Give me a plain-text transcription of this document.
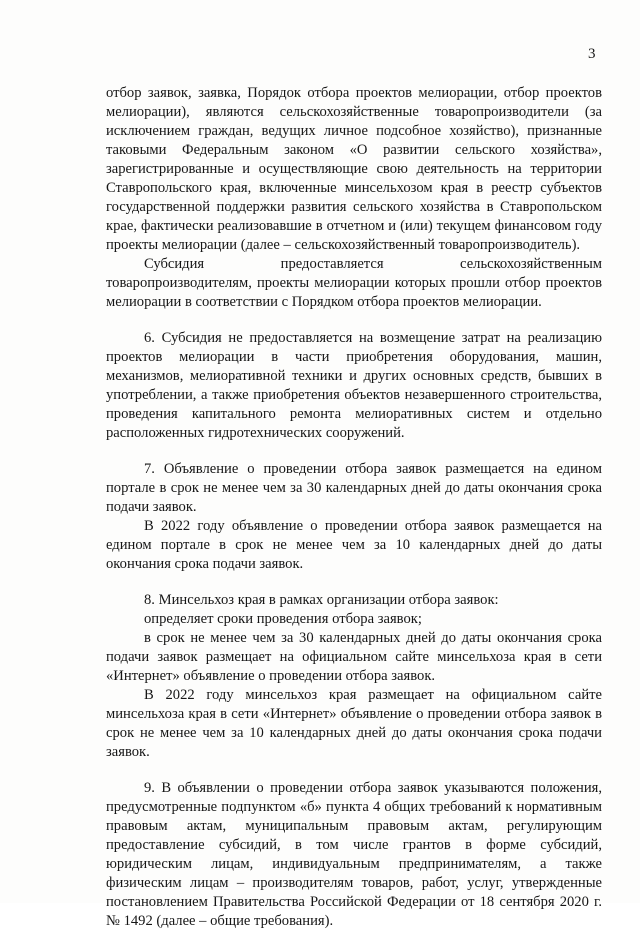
3

отбор заявок, заявка, Порядок отбора проектов мелиорации, отбор проектов мелиорации), являются сельскохозяйственные товаропроизводители (за исключением граждан, ведущих личное подсобное хозяйство), признанные таковыми Федеральным законом «О развитии сельского хозяйства», зарегистрированные и осуществляющие свою деятельность на территории Ставропольского края, включенные минсельхозом края в реестр субъектов государственной поддержки развития сельского хозяйства в Ставропольском крае, фактически реализовавшие в отчетном и (или) текущем финансовом году проекты мелиорации (далее – сельскохозяйственный товаропроизводитель).

Субсидия предоставляется сельскохозяйственным товаропроизводителям, проекты мелиорации которых прошли отбор проектов мелиорации в соответствии с Порядком отбора проектов мелиорации.

6. Субсидия не предоставляется на возмещение затрат на реализацию проектов мелиорации в части приобретения оборудования, машин, механизмов, мелиоративной техники и других основных средств, бывших в употреблении, а также приобретения объектов незавершенного строительства, проведения капитального ремонта мелиоративных систем и отдельно расположенных гидротехнических сооружений.

7. Объявление о проведении отбора заявок размещается на едином портале в срок не менее чем за 30 календарных дней до даты окончания срока подачи заявок.

В 2022 году объявление о проведении отбора заявок размещается на едином портале в срок не менее чем за 10 календарных дней до даты окончания срока подачи заявок.

8. Минсельхоз края в рамках организации отбора заявок:

определяет сроки проведения отбора заявок;

в срок не менее чем за 30 календарных дней до даты окончания срока подачи заявок размещает на официальном сайте минсельхоза края в сети «Интернет» объявление о проведении отбора заявок.

В 2022 году минсельхоз края размещает на официальном сайте минсельхоза края в сети «Интернет» объявление о проведении отбора заявок в срок не менее чем за 10 календарных дней до даты окончания срока подачи заявок.

9. В объявлении о проведении отбора заявок указываются положения, предусмотренные подпунктом «б» пункта 4 общих требований к нормативным правовым актам, муниципальным правовым актам, регулирующим предоставление субсидий, в том числе грантов в форме субсидий, юридическим лицам, индивидуальным предпринимателям, а также физическим лицам – производителям товаров, работ, услуг, утвержденные постановлением Правительства Российской Федерации от 18 сентября 2020 г. № 1492 (далее – общие требования).
